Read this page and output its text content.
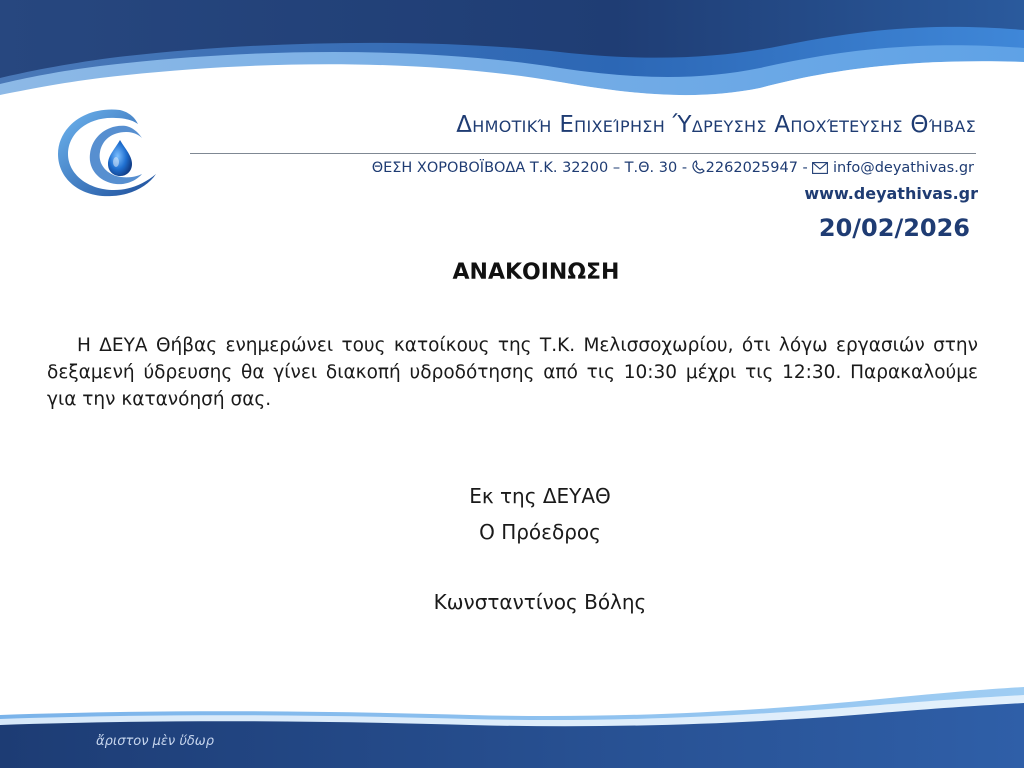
Δημοτική Επιχείρηση Ύδρευσης Αποχέτευσης Θήβας
ΘΕΣΗ ΧΟΡΟΒΟΪΒΟΔΑ Τ.Κ. 32200 – Τ.Θ. 30 - 2262025947 - info@deyathivas.gr
www.deyathivas.gr
20/02/2026
ΑΝΑΚΟΙΝΩΣΗ
Η ΔΕΥΑ Θήβας ενημερώνει τους κατοίκους της Τ.Κ. Μελισσοχωρίου, ότι λόγω εργασιών στην δεξαμενή ύδρευσης θα γίνει διακοπή υδροδότησης από τις 10:30 μέχρι τις 12:30. Παρακαλούμε για την κατανόησή σας.
Εκ της ΔΕΥΑΘ
Ο Πρόεδρος
Κωνσταντίνος Βόλης
ἄριστον μὲν ὕδωρ
